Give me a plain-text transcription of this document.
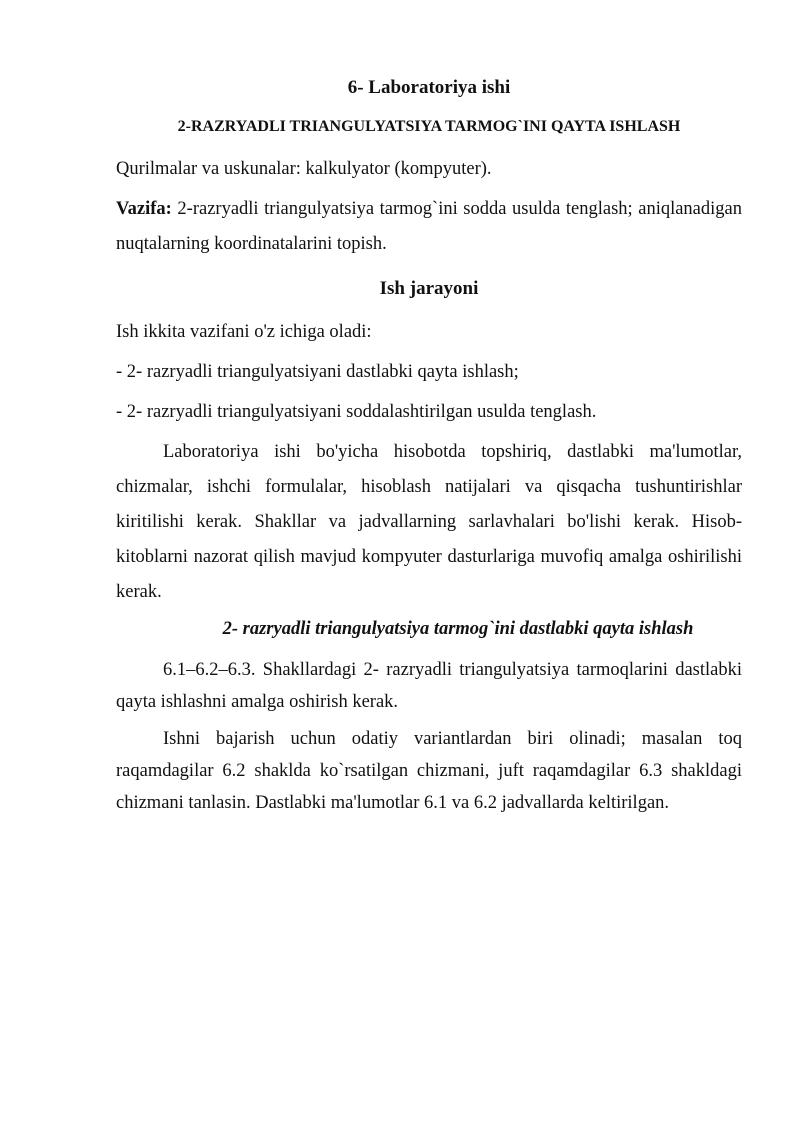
6- Laboratoriya ishi
2-RAZRYADLI TRIANGULYATSIYA TARMOG`INI QAYTA ISHLASH

Qurilmalar va uskunalar: kalkulyator (kompyuter).

Vazifa: 2-razryadli triangulyatsiya tarmog`ini sodda usulda tenglash; aniqlanadigan nuqtalarning koordinatalarini topish.

Ish jarayoni

Ish ikkita vazifani o'z ichiga oladi:

- 2- razryadli triangulyatsiyani dastlabki qayta ishlash;

- 2- razryadli triangulyatsiyani soddalashtirilgan usulda tenglash.

Laboratoriya ishi bo'yicha hisobotda topshiriq, dastlabki ma'lumotlar, chizmalar, ishchi formulalar, hisoblash natijalari va qisqacha tushuntirishlar kiritilishi kerak. Shakllar va jadvallarning sarlavhalari bo'lishi kerak. Hisob-kitoblarni nazorat qilish mavjud kompyuter dasturlariga muvofiq amalga oshirilishi kerak.

2- razryadli triangulyatsiya tarmog`ini dastlabki qayta ishlash

6.1–6.2–6.3. Shakllardagi 2- razryadli triangulyatsiya tarmoqlarini dastlabki qayta ishlashni amalga oshirish kerak.

Ishni bajarish uchun odatiy variantlardan biri olinadi; masalan toq raqamdagilar 6.2 shaklda ko`rsatilgan chizmani, juft raqamdagilar 6.3 shakldagi chizmani tanlasin. Dastlabki ma'lumotlar 6.1 va 6.2 jadvallarda keltirilgan.
